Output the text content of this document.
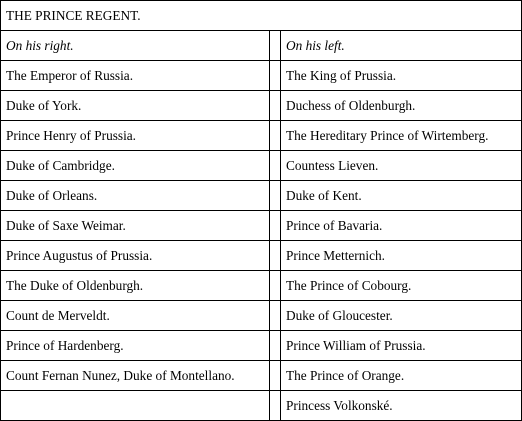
THE PRINCE REGENT.		
On his right.		On his left.
The Emperor of Russia.		The King of Prussia.
Duke of York.		Duchess of Oldenburgh.
Prince Henry of Prussia.		The Hereditary Prince of Wirtemberg.
Duke of Cambridge.		Countess Lieven.
Duke of Orleans.		Duke of Kent.
Duke of Saxe Weimar.		Prince of Bavaria.
Prince Augustus of Prussia.		Prince Metternich.
The Duke of Oldenburgh.		The Prince of Cobourg.
Count de Merveldt.		Duke of Gloucester.
Prince of Hardenberg.		Prince William of Prussia.
Count Fernan Nunez, Duke of Montellano.		The Prince of Orange.
		Princess Volkonské.
